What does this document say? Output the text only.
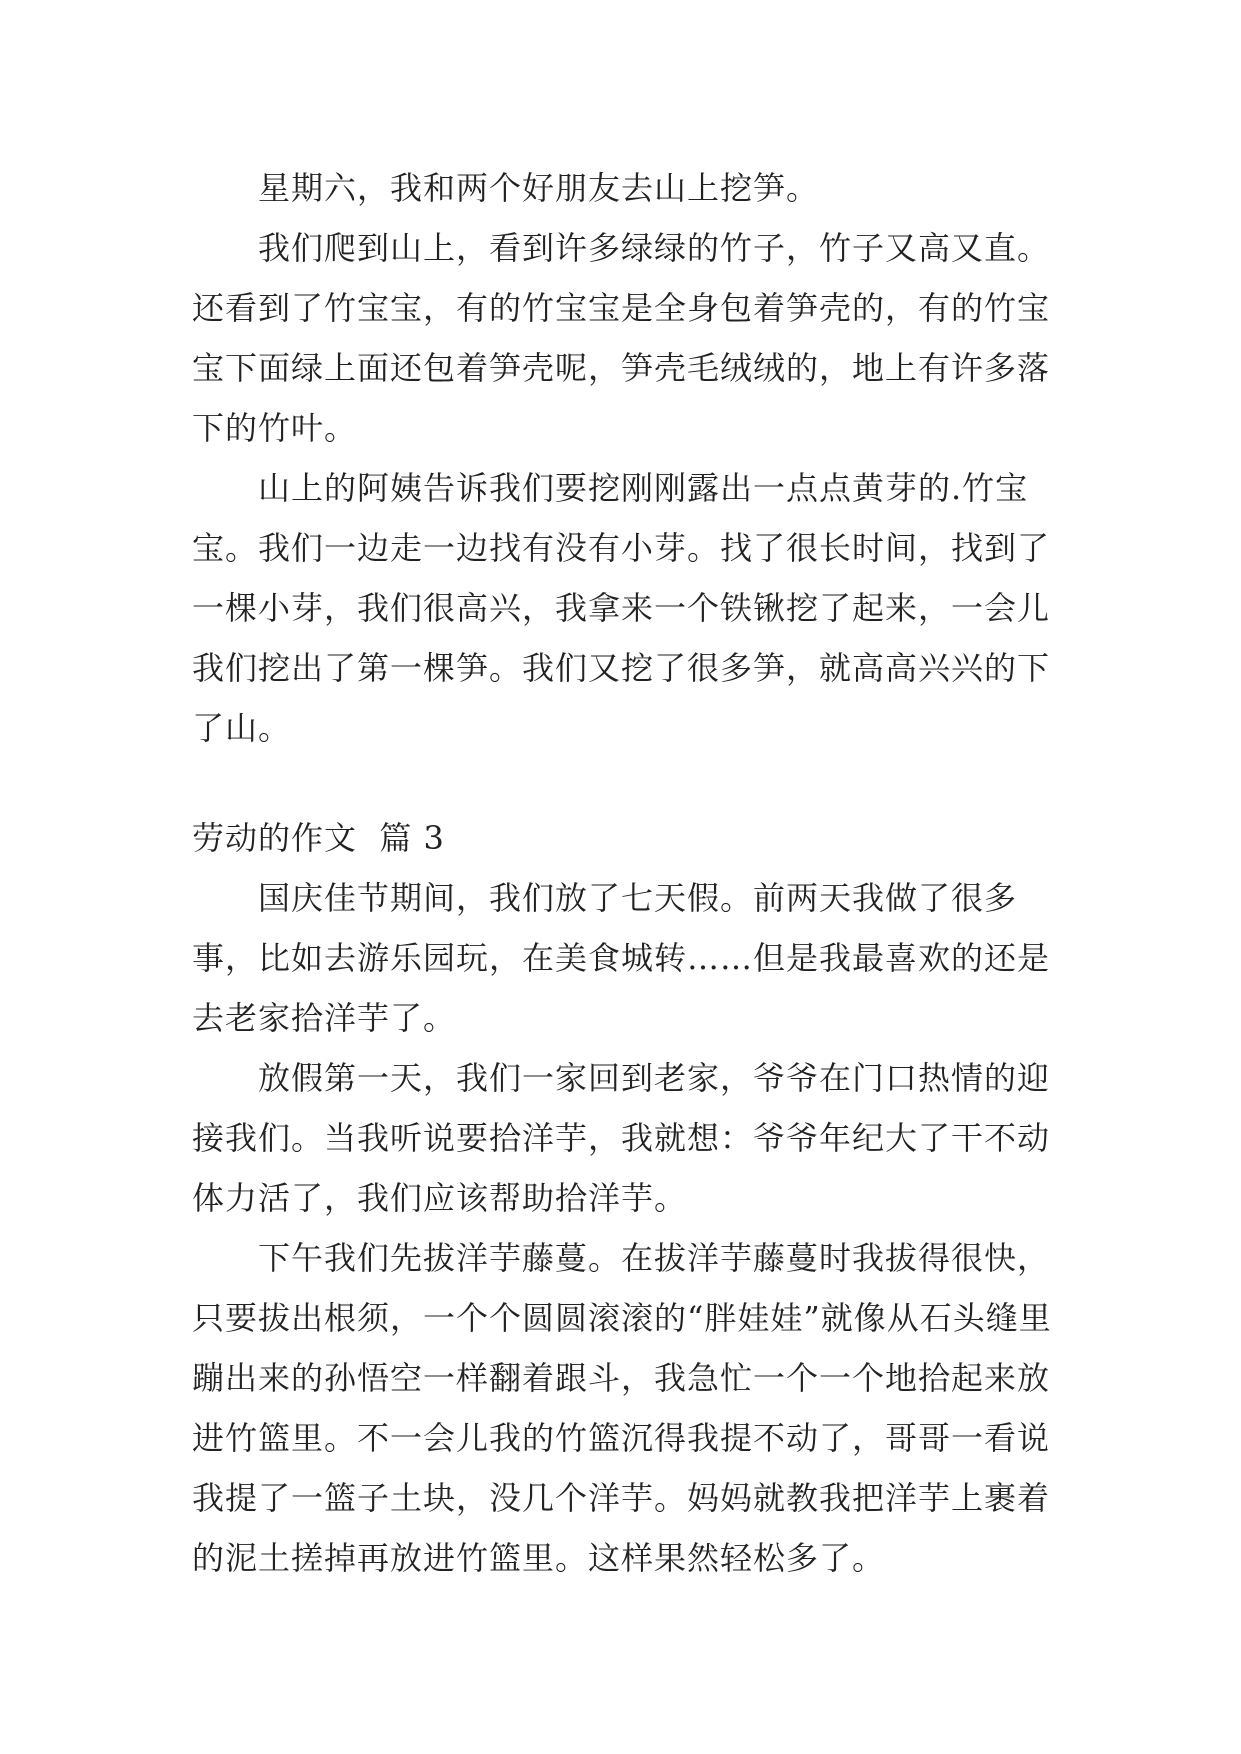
星期六，我和两个好朋友去山上挖笋。

我们爬到山上，看到许多绿绿的竹子，竹子又高又直。还看到了竹宝宝，有的竹宝宝是全身包着笋壳的，有的竹宝宝下面绿上面还包着笋壳呢，笋壳毛绒绒的，地上有许多落下的竹叶。

山上的阿姨告诉我们要挖刚刚露出一点点黄芽的.竹宝宝。我们一边走一边找有没有小芽。找了很长时间，找到了一棵小芽，我们很高兴，我拿来一个铁锹挖了起来，一会儿我们挖出了第一棵笋。我们又挖了很多笋，就高高兴兴的下了山。

劳动的作文  篇 3

国庆佳节期间，我们放了七天假。前两天我做了很多事，比如去游乐园玩，在美食城转……但是我最喜欢的还是去老家拾洋芋了。

放假第一天，我们一家回到老家，爷爷在门口热情的迎接我们。当我听说要拾洋芋，我就想：爷爷年纪大了干不动体力活了，我们应该帮助拾洋芋。

下午我们先拔洋芋藤蔓。在拔洋芋藤蔓时我拔得很快，只要拔出根须，一个个圆圆滚滚的“胖娃娃”就像从石头缝里蹦出来的孙悟空一样翻着跟斗，我急忙一个一个地拾起来放进竹篮里。不一会儿我的竹篮沉得我提不动了，哥哥一看说我提了一篮子土块，没几个洋芋。妈妈就教我把洋芋上裹着的泥土搓掉再放进竹篮里。这样果然轻松多了。
